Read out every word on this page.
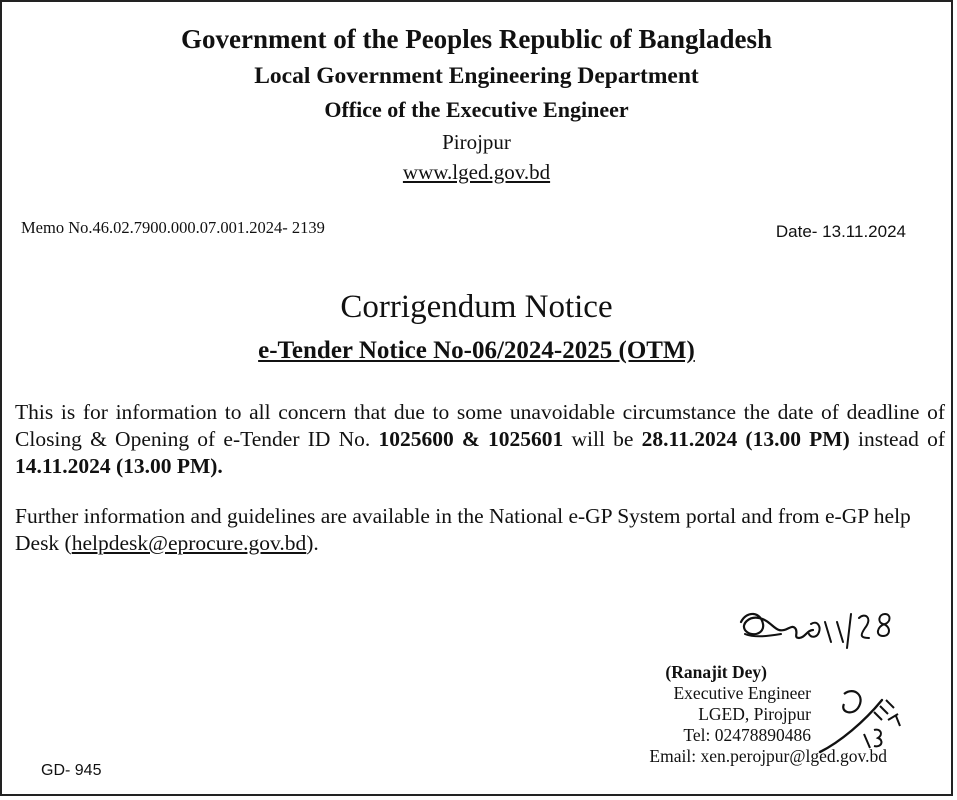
Government of the Peoples Republic of Bangladesh
Local Government Engineering Department
Office of the Executive Engineer
Pirojpur
www.lged.gov.bd
Memo No.46.02.7900.000.07.001.2024- 2139	Date- 13.11.2024
Corrigendum Notice
e-Tender Notice No-06/2024-2025 (OTM)
This is for information to all concern that due to some unavoidable circumstance the date of deadline of Closing & Opening of e-Tender ID No. 1025600 & 1025601 will be 28.11.2024 (13.00 PM) instead of 14.11.2024 (13.00 PM).
Further information and guidelines are available in the National e-GP System portal and from e-GP help Desk (helpdesk@eprocure.gov.bd).
(Ranajit Dey)
Executive Engineer
LGED, Pirojpur
Tel: 02478890486
Email: xen.perojpur@lged.gov.bd
GD- 945
